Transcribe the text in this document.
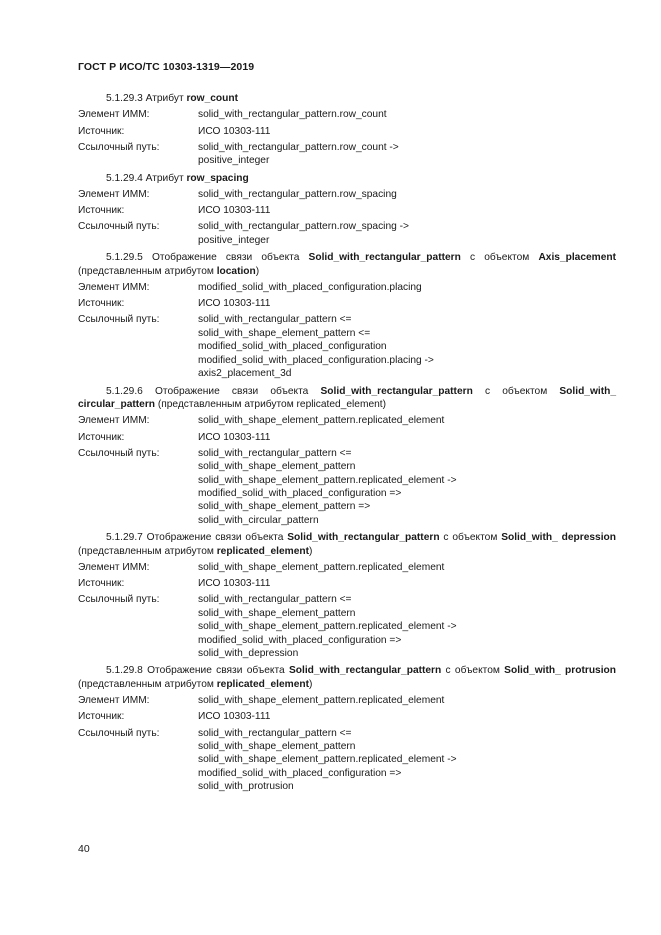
ГОСТ Р ИСО/ТС 10303-1319—2019
5.1.29.3 Атрибут row_count
Элемент ИММ:	solid_with_rectangular_pattern.row_count
Источник:	ИСО 10303-111
Ссылочный путь:	solid_with_rectangular_pattern.row_count ->
positive_integer
5.1.29.4 Атрибут row_spacing
Элемент ИММ:	solid_with_rectangular_pattern.row_spacing
Источник:	ИСО 10303-111
Ссылочный путь:	solid_with_rectangular_pattern.row_spacing ->
positive_integer
5.1.29.5 Отображение связи объекта Solid_with_rectangular_pattern с объектом Axis_placement (представленным атрибутом location)
Элемент ИММ:	modified_solid_with_placed_configuration.placing
Источник:	ИСО 10303-111
Ссылочный путь:	solid_with_rectangular_pattern <=
solid_with_shape_element_pattern <=
modified_solid_with_placed_configuration
modified_solid_with_placed_configuration.placing ->
axis2_placement_3d
5.1.29.6 Отображение связи объекта Solid_with_rectangular_pattern с объектом Solid_with_ circular_pattern (представленным атрибутом replicated_element)
Элемент ИММ:	solid_with_shape_element_pattern.replicated_element
Источник:	ИСО 10303-111
Ссылочный путь:	solid_with_rectangular_pattern <=
solid_with_shape_element_pattern
solid_with_shape_element_pattern.replicated_element ->
modified_solid_with_placed_configuration =>
solid_with_shape_element_pattern =>
solid_with_circular_pattern
5.1.29.7 Отображение связи объекта Solid_with_rectangular_pattern с объектом Solid_with_ depression (представленным атрибутом replicated_element)
Элемент ИММ:	solid_with_shape_element_pattern.replicated_element
Источник:	ИСО 10303-111
Ссылочный путь:	solid_with_rectangular_pattern <=
solid_with_shape_element_pattern
solid_with_shape_element_pattern.replicated_element ->
modified_solid_with_placed_configuration =>
solid_with_depression
5.1.29.8 Отображение связи объекта Solid_with_rectangular_pattern с объектом Solid_with_ protrusion (представленным атрибутом replicated_element)
Элемент ИММ:	solid_with_shape_element_pattern.replicated_element
Источник:	ИСО 10303-111
Ссылочный путь:	solid_with_rectangular_pattern <=
solid_with_shape_element_pattern
solid_with_shape_element_pattern.replicated_element ->
modified_solid_with_placed_configuration =>
solid_with_protrusion
40
